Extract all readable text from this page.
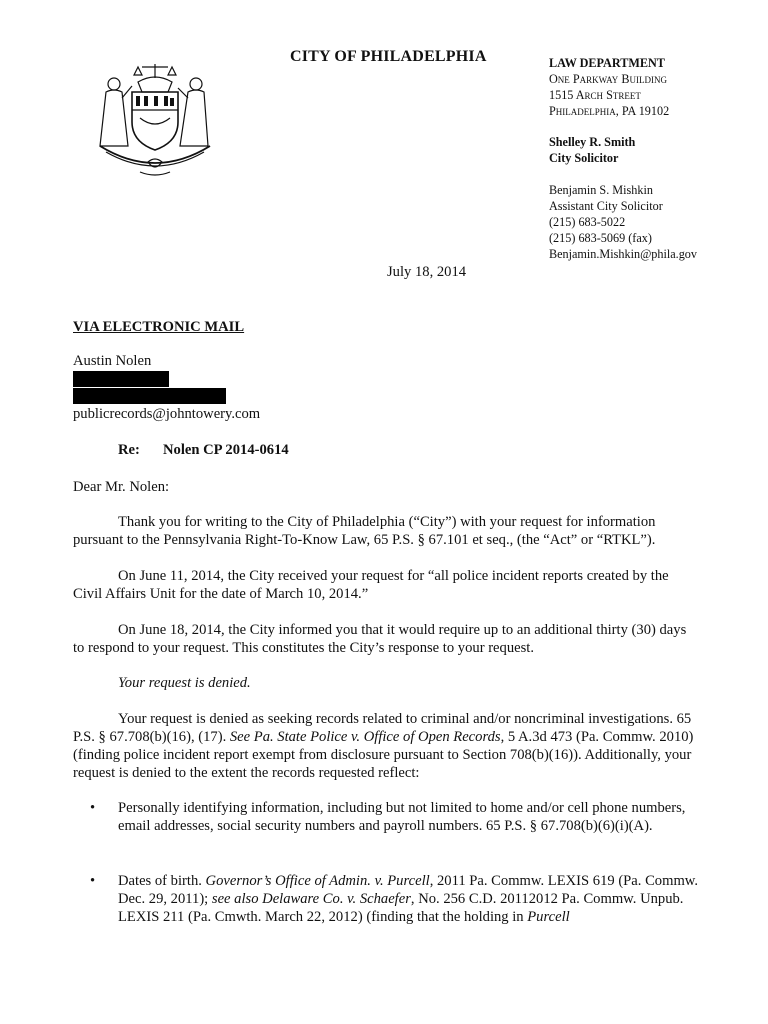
CITY OF PHILADELPHIA	LAW DEPARTMENT
One Parkway Building
1515 Arch Street
Philadelphia, PA 19102
Shelley R. Smith
City Solicitor
Benjamin S. Mishkin
Assistant City Solicitor
(215) 683-5022
(215) 683-5069 (fax)
Benjamin.Mishkin@phila.gov
July 18, 2014
VIA ELECTRONIC MAIL
Austin Nolen
publicrecords@johntowery.com
Re: Nolen CP 2014-0614
Dear Mr. Nolen:
Thank you for writing to the City of Philadelphia (“City”) with your request for information pursuant to the Pennsylvania Right-To-Know Law, 65 P.S. § 67.101 et seq., (the “Act” or “RTKL”).
On June 11, 2014, the City received your request for “all police incident reports created by the Civil Affairs Unit for the date of March 10, 2014.”
On June 18, 2014, the City informed you that it would require up to an additional thirty (30) days to respond to your request. This constitutes the City’s response to your request.
Your request is denied.
Your request is denied as seeking records related to criminal and/or noncriminal investigations. 65 P.S. § 67.708(b)(16), (17). See Pa. State Police v. Office of Open Records, 5 A.3d 473 (Pa. Commw. 2010) (finding police incident report exempt from disclosure pursuant to Section 708(b)(16)). Additionally, your request is denied to the extent the records requested reflect:
• Personally identifying information, including but not limited to home and/or cell phone numbers, email addresses, social security numbers and payroll numbers. 65 P.S. § 67.708(b)(6)(i)(A).
• Dates of birth. Governor’s Office of Admin. v. Purcell, 2011 Pa. Commw. LEXIS 619 (Pa. Commw. Dec. 29, 2011); see also Delaware Co. v. Schaefer, No. 256 C.D. 20112012 Pa. Commw. Unpub. LEXIS 211 (Pa. Cmwth. March 22, 2012) (finding that the holding in Purcell
